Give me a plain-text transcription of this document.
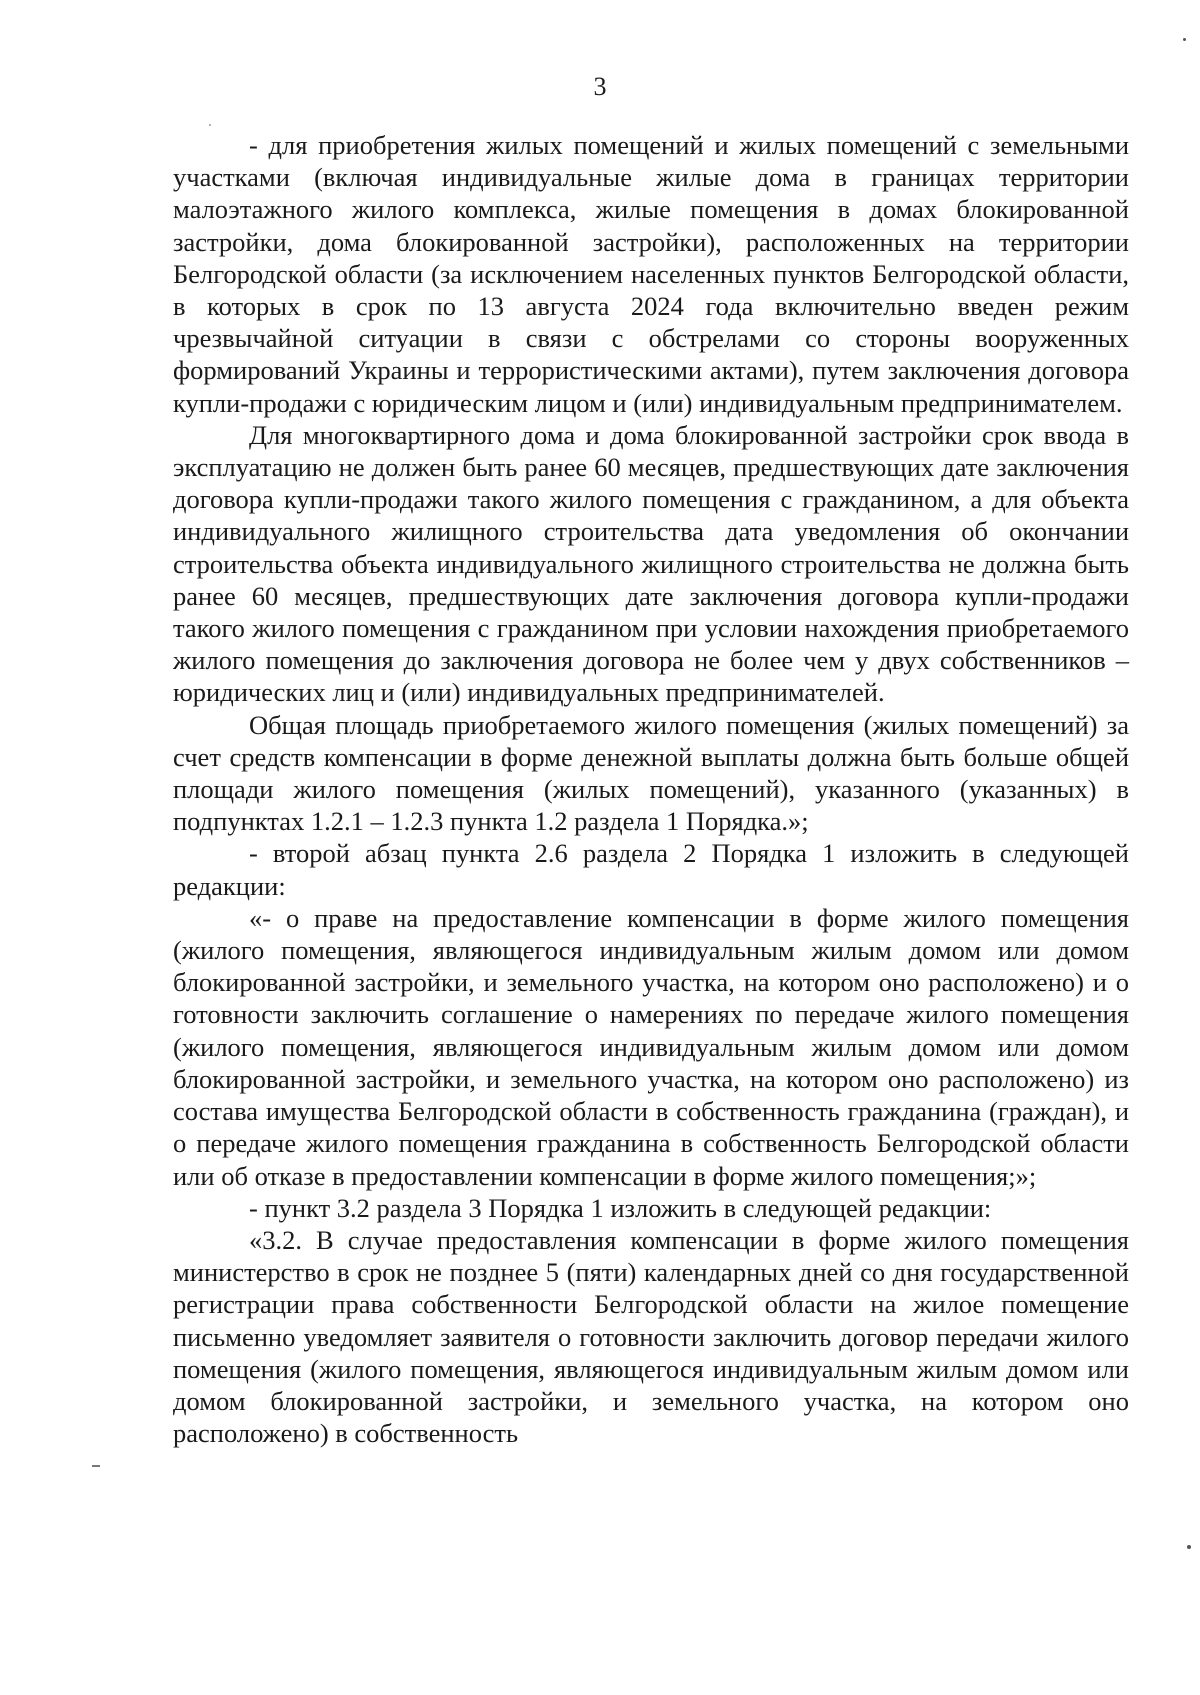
3

- для приобретения жилых помещений и жилых помещений с земельными участками (включая индивидуальные жилые дома в границах территории малоэтажного жилого комплекса, жилые помещения в домах блокированной застройки, дома блокированной застройки), расположенных на территории Белгородской области (за исключением населенных пунктов Белгородской области, в которых в срок по 13 августа 2024 года включительно введен режим чрезвычайной ситуации в связи с обстрелами со стороны вооруженных формирований Украины и террористическими актами), путем заключения договора купли-продажи с юридическим лицом и (или) индивидуальным предпринимателем.

Для многоквартирного дома и дома блокированной застройки срок ввода в эксплуатацию не должен быть ранее 60 месяцев, предшествующих дате заключения договора купли-продажи такого жилого помещения с гражданином, а для объекта индивидуального жилищного строительства дата уведомления об окончании строительства объекта индивидуального жилищного строительства не должна быть ранее 60 месяцев, предшествующих дате заключения договора купли-продажи такого жилого помещения с гражданином при условии нахождения приобретаемого жилого помещения до заключения договора не более чем у двух собственников – юридических лиц и (или) индивидуальных предпринимателей.

Общая площадь приобретаемого жилого помещения (жилых помещений) за счет средств компенсации в форме денежной выплаты должна быть больше общей площади жилого помещения (жилых помещений), указанного (указанных) в подпунктах 1.2.1 – 1.2.3 пункта 1.2 раздела 1 Порядка.»;

- второй абзац пункта 2.6 раздела 2 Порядка 1 изложить в следующей редакции:

«- о праве на предоставление компенсации в форме жилого помещения (жилого помещения, являющегося индивидуальным жилым домом или домом блокированной застройки, и земельного участка, на котором оно расположено) и о готовности заключить соглашение о намерениях по передаче жилого помещения (жилого помещения, являющегося индивидуальным жилым домом или домом блокированной застройки, и земельного участка, на котором оно расположено) из состава имущества Белгородской области в собственность гражданина (граждан), и о передаче жилого помещения гражданина в собственность Белгородской области или об отказе в предоставлении компенсации в форме жилого помещения;»;

- пункт 3.2 раздела 3 Порядка 1 изложить в следующей редакции:

«3.2. В случае предоставления компенсации в форме жилого помещения министерство в срок не позднее 5 (пяти) календарных дней со дня государственной регистрации права собственности Белгородской области на жилое помещение письменно уведомляет заявителя о готовности заключить договор передачи жилого помещения (жилого помещения, являющегося индивидуальным жилым домом или домом блокированной застройки, и земельного участка, на котором оно расположено) в собственность
